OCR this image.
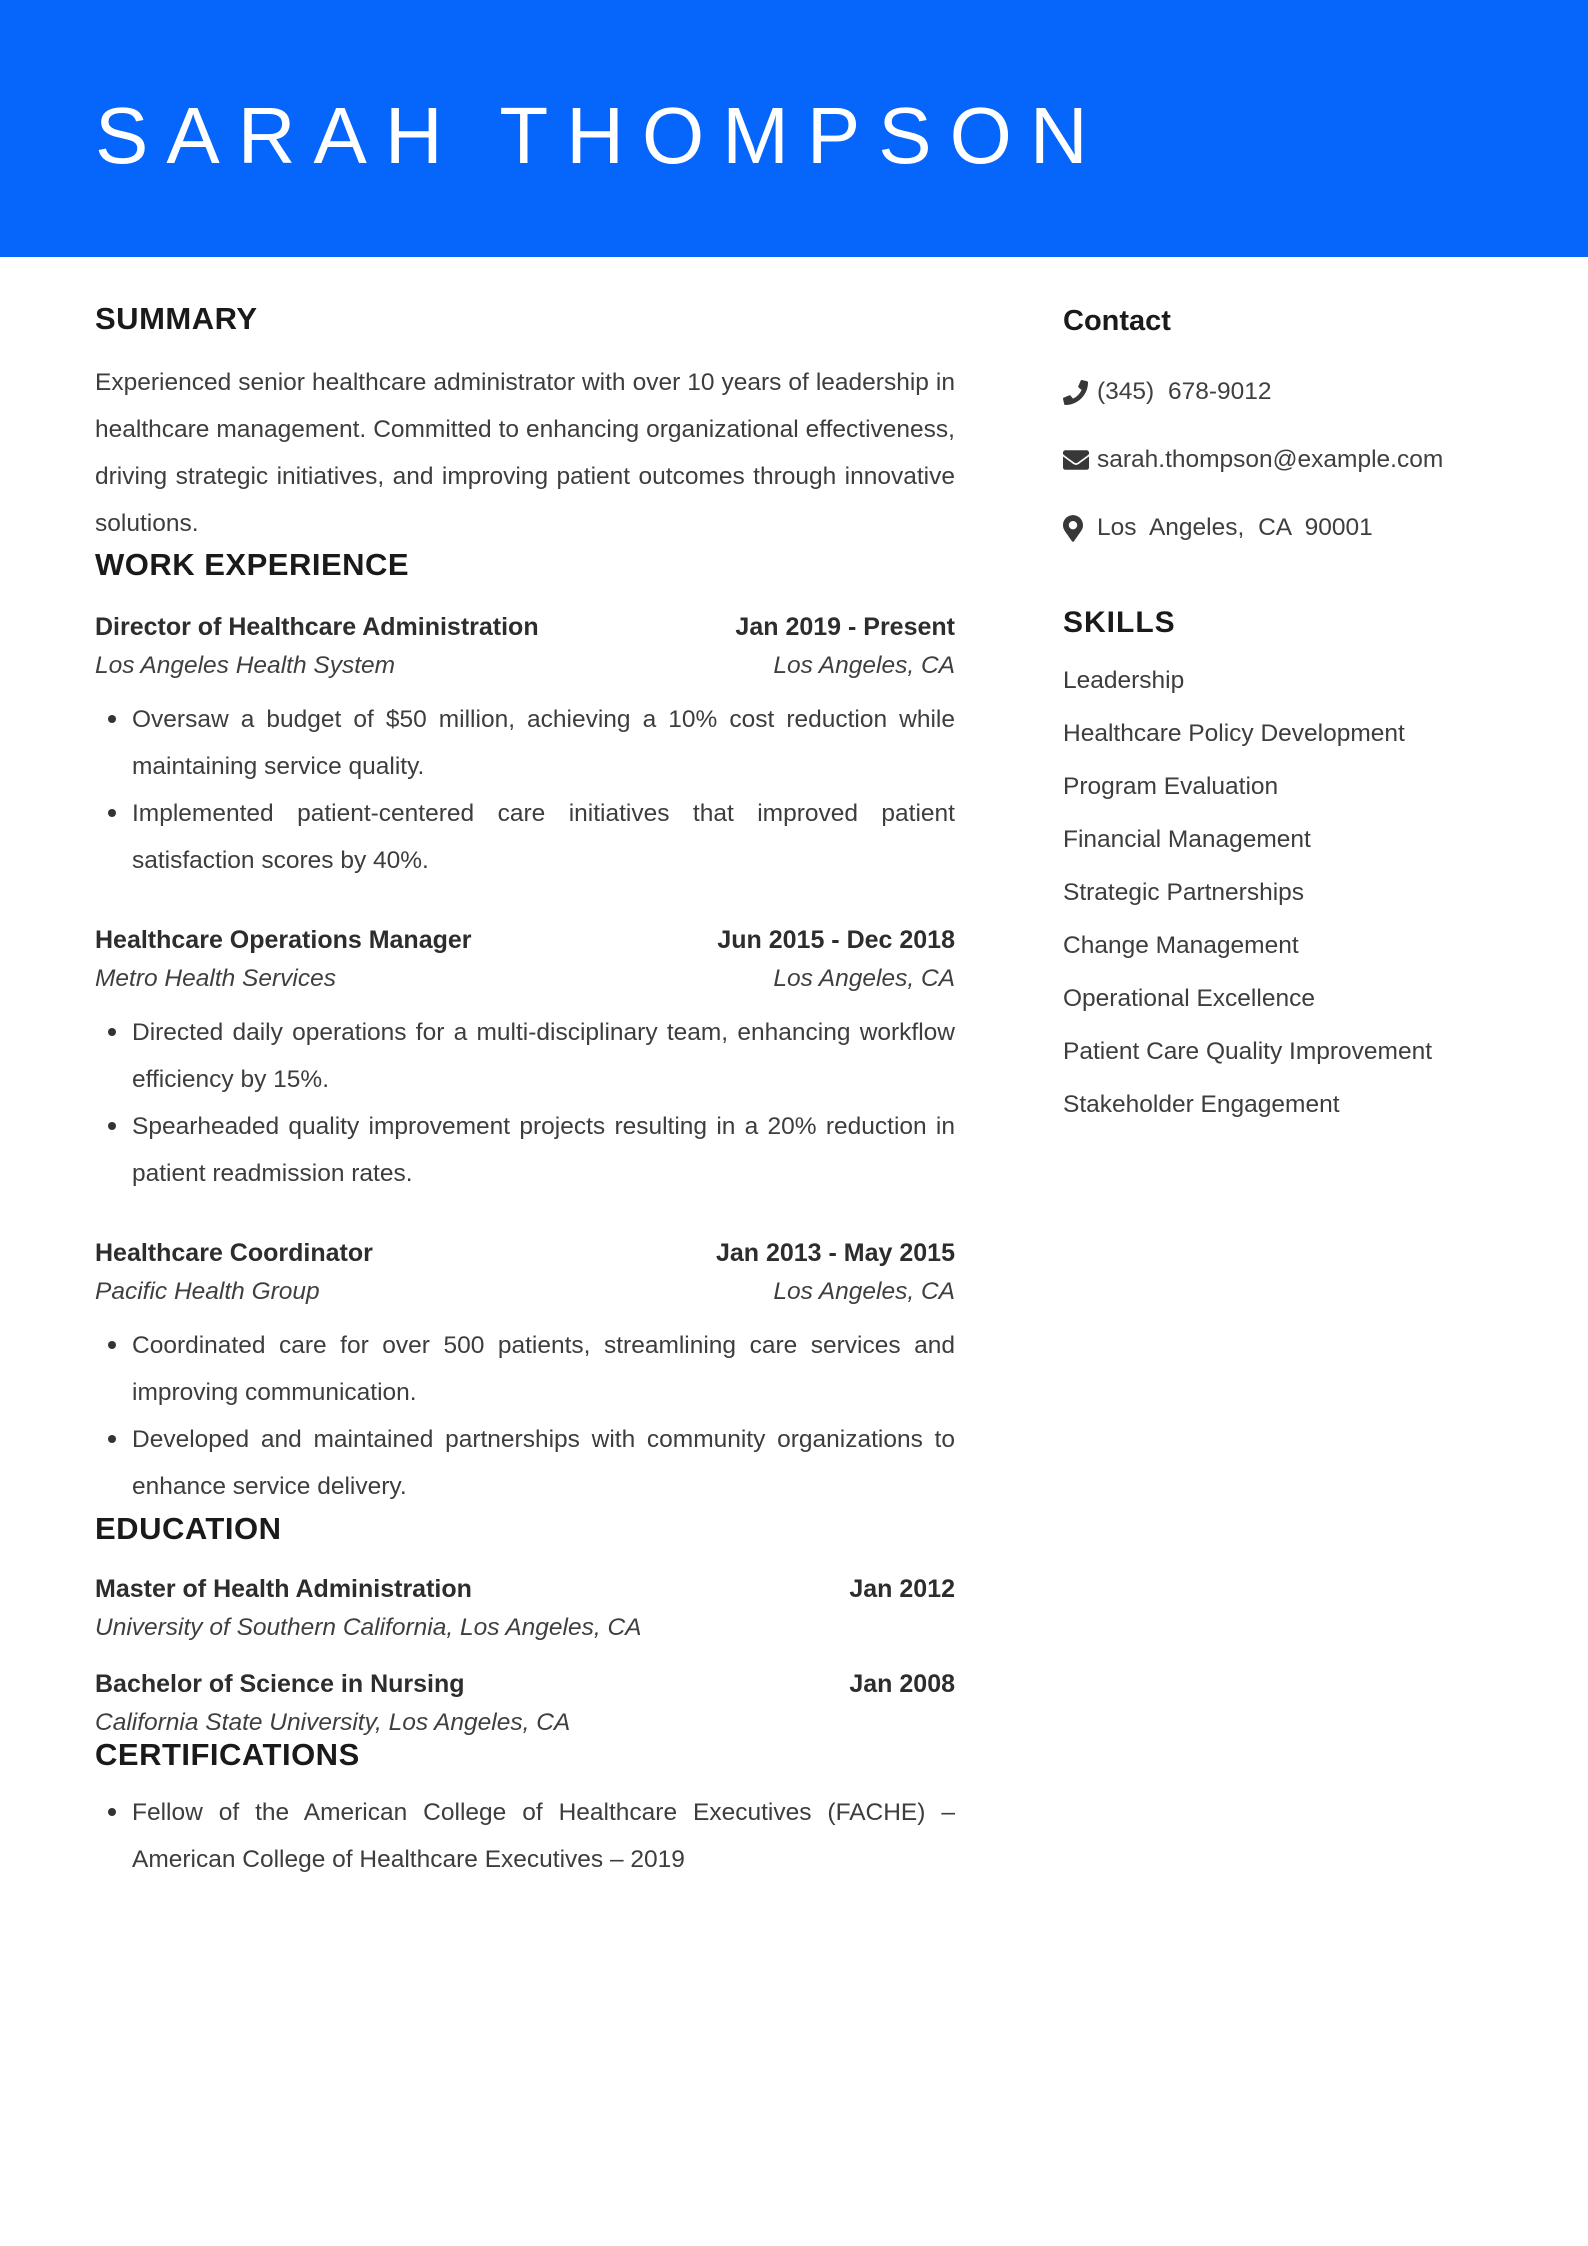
SARAH THOMPSON
SUMMARY

Experienced senior healthcare administrator with over 10 years of leadership in healthcare management. Committed to enhancing organizational effectiveness, driving strategic initiatives, and improving patient outcomes through innovative solutions.

WORK EXPERIENCE
Director of Healthcare Administration	Jan 2019 - Present
Los Angeles Health System	Los Angeles, CA
Oversaw a budget of $50 million, achieving a 10% cost reduction while maintaining service quality.
Implemented patient-centered care initiatives that improved patient satisfaction scores by 40%.
Healthcare Operations Manager	Jun 2015 - Dec 2018
Metro Health Services	Los Angeles, CA
Directed daily operations for a multi-disciplinary team, enhancing workflow efficiency by 15%.
Spearheaded quality improvement projects resulting in a 20% reduction in patient readmission rates.
Healthcare Coordinator	Jan 2013 - May 2015
Pacific Health Group	Los Angeles, CA
Coordinated care for over 500 patients, streamlining care services and improving communication.
Developed and maintained partnerships with community organizations to enhance service delivery.
EDUCATION
Master of Health Administration	Jan 2012
University of Southern California, Los Angeles, CA
Bachelor of Science in Nursing	Jan 2008
California State University, Los Angeles, CA
CERTIFICATIONS
Fellow of the American College of Healthcare Executives (FACHE) – American College of Healthcare Executives – 2019
Contact
(345) 678-9012
sarah.thompson@example.com
Los Angeles, CA 90001
SKILLS
Leadership
Healthcare Policy Development
Program Evaluation
Financial Management
Strategic Partnerships
Change Management
Operational Excellence
Patient Care Quality Improvement
Stakeholder Engagement
